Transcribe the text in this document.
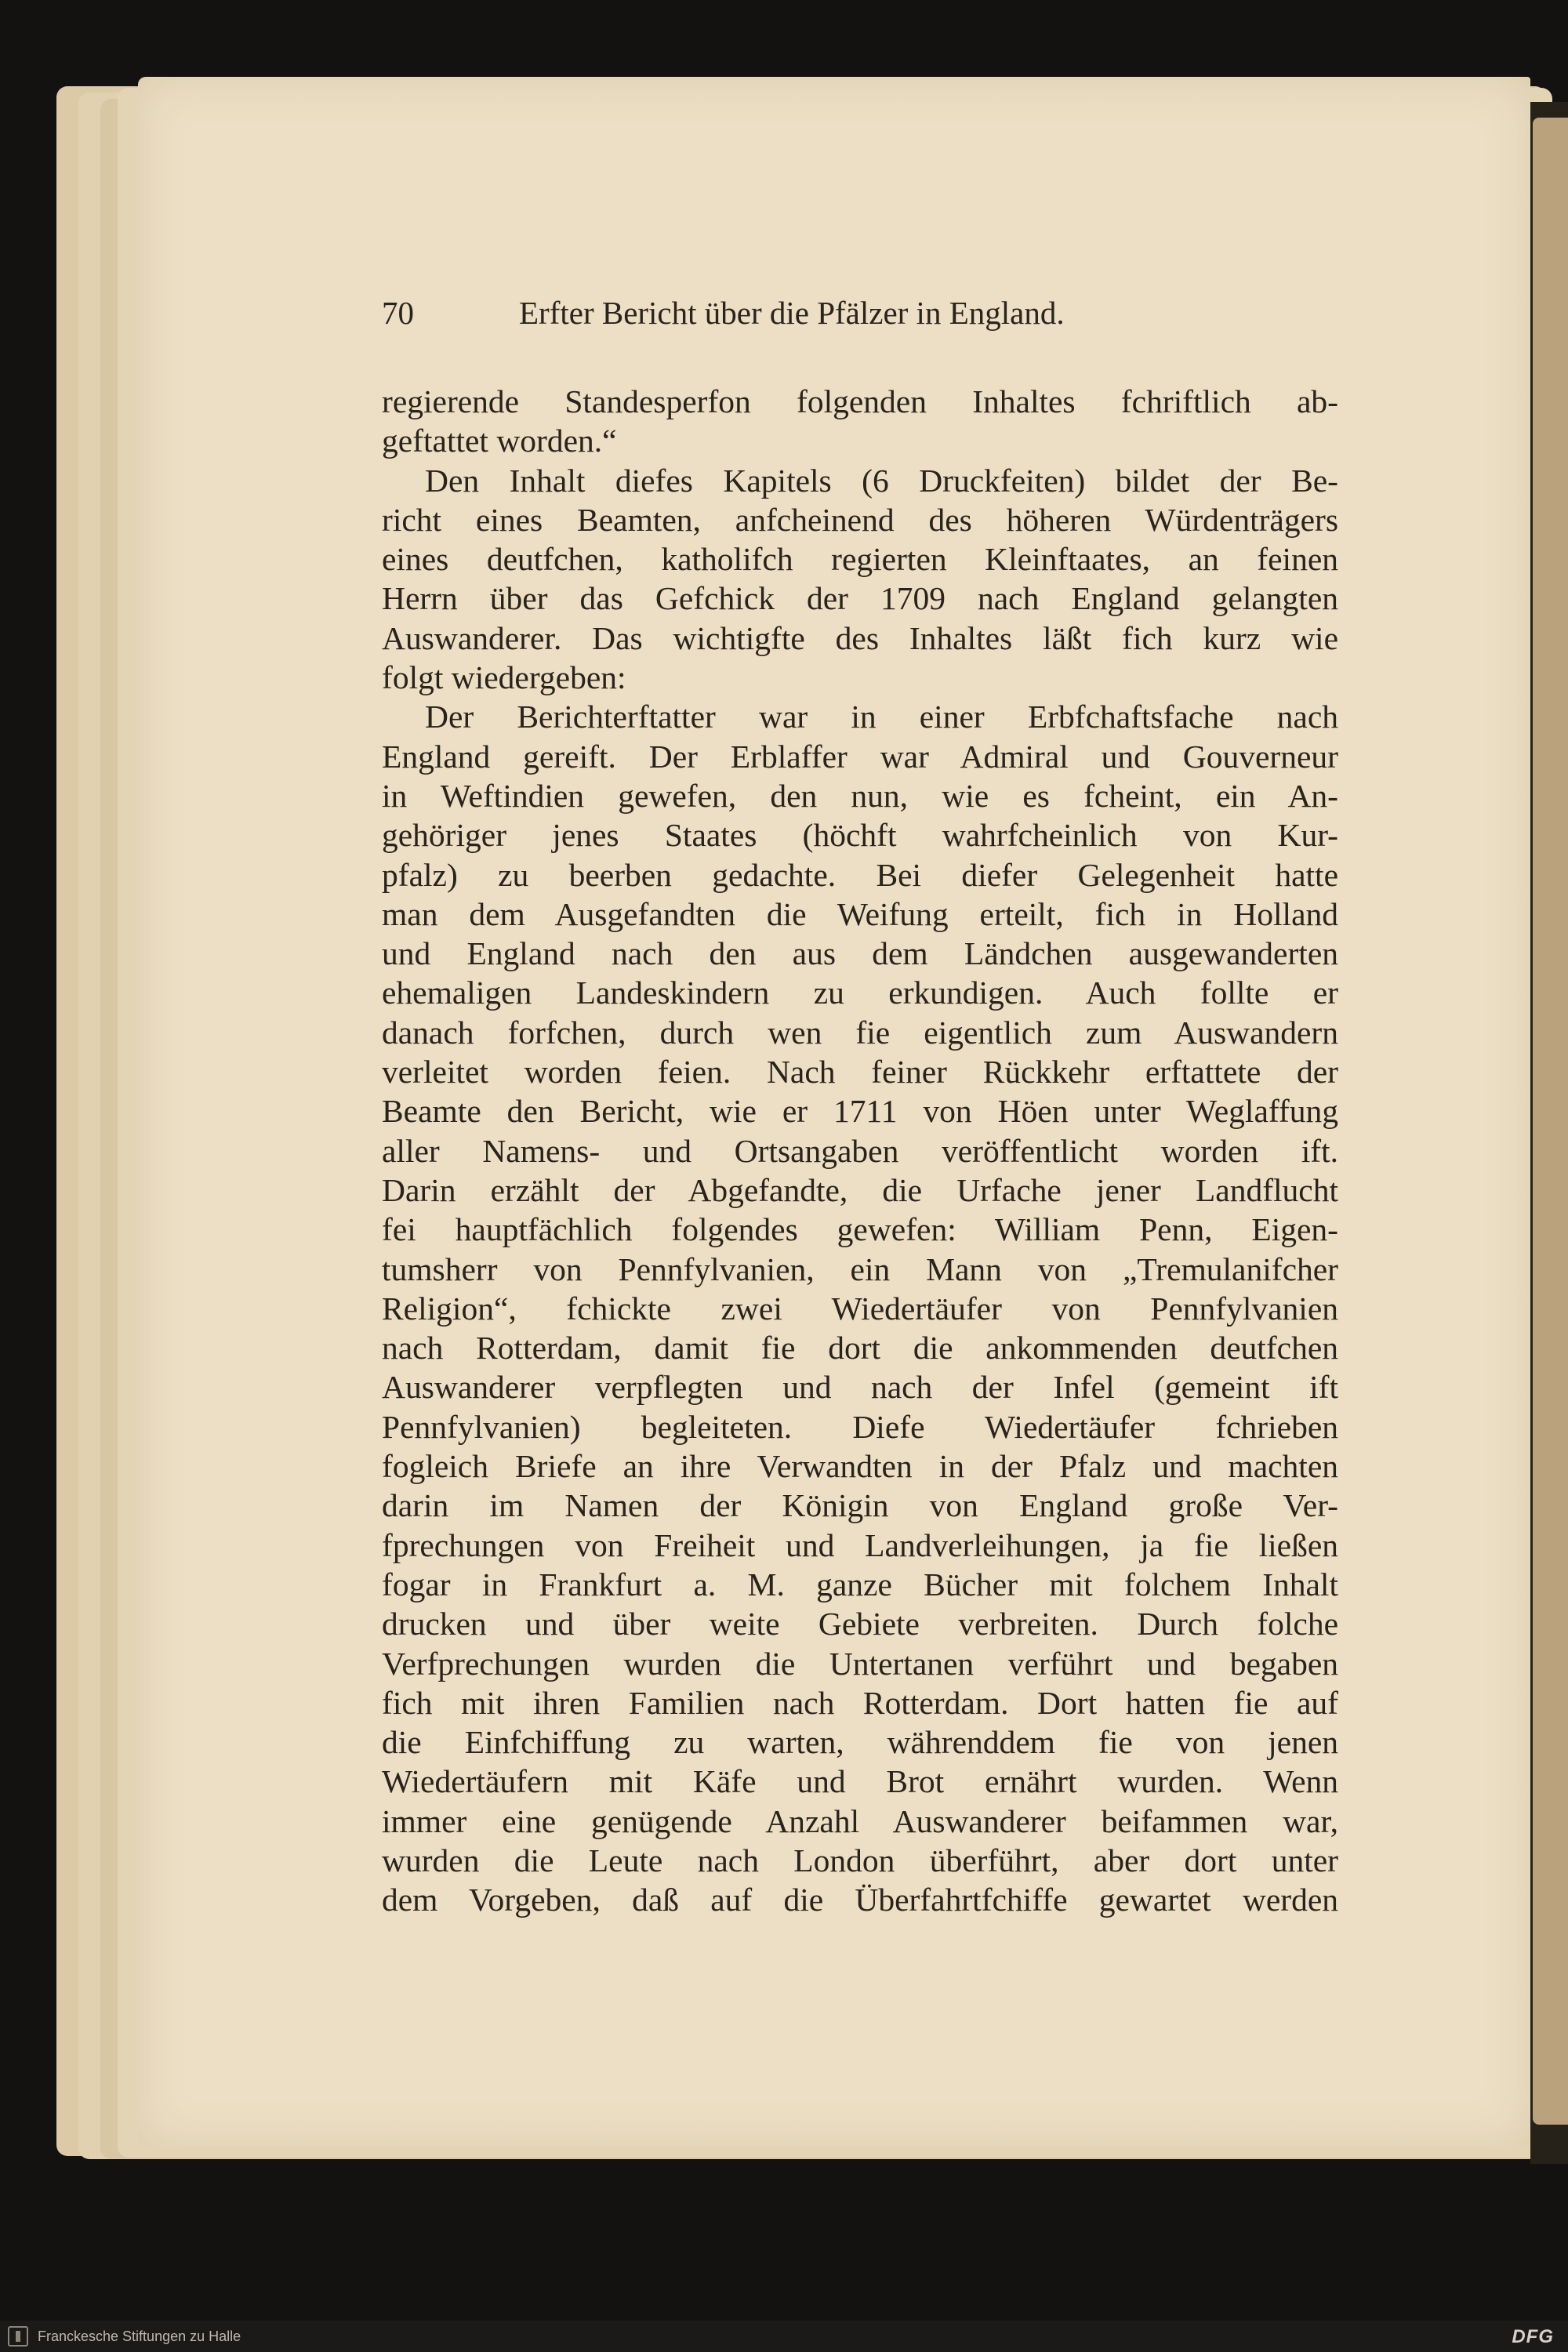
70	Erfter Bericht über die Pfälzer in England.
regierende Standesperfon folgenden Inhaltes fchriftlich ab-
geftattet worden.“
Den Inhalt diefes Kapitels (6 Druckfeiten) bildet der Be-
richt eines Beamten, anfcheinend des höheren Würdenträgers
eines deutfchen, katholifch regierten Kleinftaates, an feinen
Herrn über das Gefchick der 1709 nach England gelangten
Auswanderer. Das wichtigfte des Inhaltes läßt fich kurz wie
folgt wiedergeben:
Der Berichterftatter war in einer Erbfchaftsfache nach
England gereift. Der Erblaffer war Admiral und Gouverneur
in Weftindien gewefen, den nun, wie es fcheint, ein An-
gehöriger jenes Staates (höchft wahrfcheinlich von Kur-
pfalz) zu beerben gedachte. Bei diefer Gelegenheit hatte
man dem Ausgefandten die Weifung erteilt, fich in Holland
und England nach den aus dem Ländchen ausgewanderten
ehemaligen Landeskindern zu erkundigen. Auch follte er
danach forfchen, durch wen fie eigentlich zum Auswandern
verleitet worden feien. Nach feiner Rückkehr erftattete der
Beamte den Bericht, wie er 1711 von Höen unter Weglaffung
aller Namens- und Ortsangaben veröffentlicht worden ift.
Darin erzählt der Abgefandte, die Urfache jener Landflucht
fei hauptfächlich folgendes gewefen: William Penn, Eigen-
tumsherr von Pennfylvanien, ein Mann von „Tremulanifcher
Religion“, fchickte zwei Wiedertäufer von Pennfylvanien
nach Rotterdam, damit fie dort die ankommenden deutfchen
Auswanderer verpflegten und nach der Infel (gemeint ift
Pennfylvanien) begleiteten. Diefe Wiedertäufer fchrieben
fogleich Briefe an ihre Verwandten in der Pfalz und machten
darin im Namen der Königin von England große Ver-
fprechungen von Freiheit und Landverleihungen, ja fie ließen
fogar in Frankfurt a. M. ganze Bücher mit folchem Inhalt
drucken und über weite Gebiete verbreiten. Durch folche
Verfprechungen wurden die Untertanen verführt und begaben
fich mit ihren Familien nach Rotterdam. Dort hatten fie auf
die Einfchiffung zu warten, währenddem fie von jenen
Wiedertäufern mit Käfe und Brot ernährt wurden. Wenn
immer eine genügende Anzahl Auswanderer beifammen war,
wurden die Leute nach London überführt, aber dort unter
dem Vorgeben, daß auf die Überfahrtfchiffe gewartet werden
Franckesche Stiftungen zu Halle	DFG
